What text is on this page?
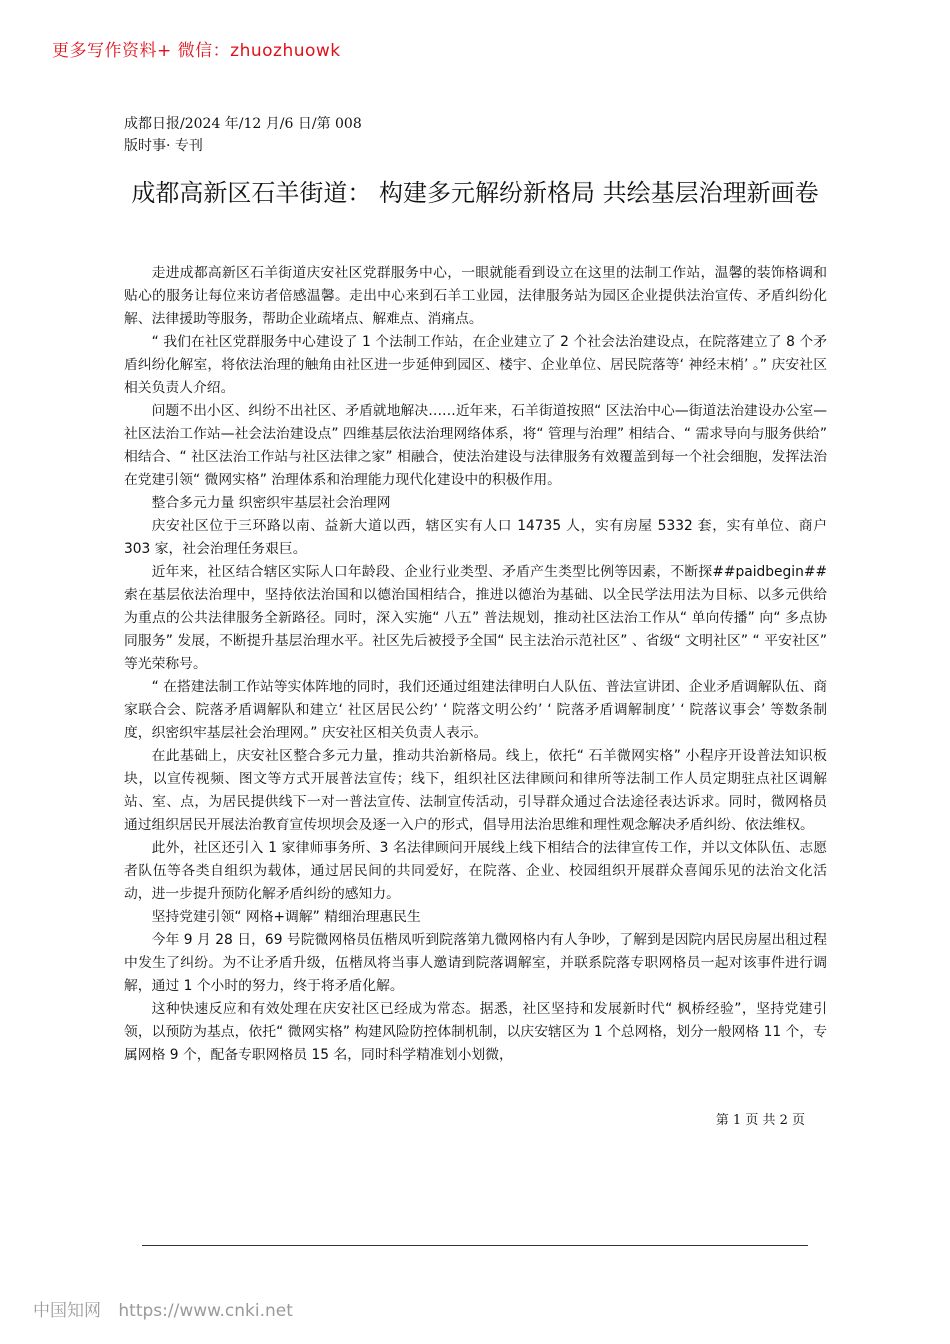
更多写作资料+ 微信：zhuozhuowk
成都日报/2024 年/12 月/6 日/第 008
版时事· 专刊
成都高新区石羊街道： 构建多元解纷新格局 共绘基层治理新画卷

走进成都高新区石羊街道庆安社区党群服务中心，一眼就能看到设立在这里的法制工作站，温馨的装饰格调和贴心的服务让每位来访者倍感温馨。走出中心来到石羊工业园，法律服务站为园区企业提供法治宣传、矛盾纠纷化解、法律援助等服务，帮助企业疏堵点、解难点、消痛点。

“ 我们在社区党群服务中心建设了 1 个法制工作站，在企业建立了 2 个社会法治建设点，在院落建立了 8 个矛盾纠纷化解室，将依法治理的触角由社区进一步延伸到园区、楼宇、企业单位、居民院落等‘ 神经末梢’ 。” 庆安社区相关负责人介绍。

问题不出小区、纠纷不出社区、矛盾就地解决……近年来，石羊街道按照“ 区法治中心—街道法治建设办公室—社区法治工作站—社会法治建设点” 四维基层依法治理网络体系，将“ 管理与治理” 相结合、“ 需求导向与服务供给” 相结合、“ 社区法治工作站与社区法律之家” 相融合，使法治建设与法律服务有效覆盖到每一个社会细胞，发挥法治在党建引领“ 微网实格” 治理体系和治理能力现代化建设中的积极作用。

整合多元力量 织密织牢基层社会治理网

庆安社区位于三环路以南、益新大道以西，辖区实有人口 14735 人，实有房屋 5332 套，实有单位、商户 303 家，社会治理任务艰巨。

近年来，社区结合辖区实际人口年龄段、企业行业类型、矛盾产生类型比例等因素，不断探##paidbegin##索在基层依法治理中，坚持依法治国和以德治国相结合，推进以德治为基础、以全民学法用法为目标、以多元供给为重点的公共法律服务全新路径。同时，深入实施“ 八五” 普法规划，推动社区法治工作从“ 单向传播” 向“ 多点协同服务” 发展，不断提升基层治理水平。社区先后被授予全国“ 民主法治示范社区” 、省级“ 文明社区” “ 平安社区” 等光荣称号。

“ 在搭建法制工作站等实体阵地的同时，我们还通过组建法律明白人队伍、普法宣讲团、企业矛盾调解队伍、商家联合会、院落矛盾调解队和建立‘ 社区居民公约’ ‘ 院落文明公约’ ‘ 院落矛盾调解制度’ ‘ 院落议事会’ 等数条制度，织密织牢基层社会治理网。” 庆安社区相关负责人表示。

在此基础上，庆安社区整合多元力量，推动共治新格局。线上，依托“ 石羊微网实格” 小程序开设普法知识板块，以宣传视频、图文等方式开展普法宣传；线下，组织社区法律顾问和律所等法制工作人员定期驻点社区调解站、室、点，为居民提供线下一对一普法宣传、法制宣传活动，引导群众通过合法途径表达诉求。同时，微网格员通过组织居民开展法治教育宣传坝坝会及逐一入户的形式，倡导用法治思维和理性观念解决矛盾纠纷、依法维权。

此外，社区还引入 1 家律师事务所、3 名法律顾问开展线上线下相结合的法律宣传工作，并以文体队伍、志愿者队伍等各类自组织为载体，通过居民间的共同爱好，在院落、企业、校园组织开展群众喜闻乐见的法治文化活动，进一步提升预防化解矛盾纠纷的感知力。

坚持党建引领“ 网格+调解” 精细治理惠民生

今年 9 月 28 日，69 号院微网格员伍楷凤听到院落第九微网格内有人争吵，了解到是因院内居民房屋出租过程中发生了纠纷。为不让矛盾升级，伍楷凤将当事人邀请到院落调解室，并联系院落专职网格员一起对该事件进行调解，通过 1 个小时的努力，终于将矛盾化解。

这种快速反应和有效处理在庆安社区已经成为常态。据悉，社区坚持和发展新时代“ 枫桥经验”，坚持党建引领，以预防为基点，依托“ 微网实格” 构建风险防控体制机制，以庆安辖区为 1 个总网格，划分一般网格 11 个，专属网格 9 个，配备专职网格员 15 名，同时科学精准划小划微，

第 1 页 共 2 页
中国知网 https://www.cnki.net
